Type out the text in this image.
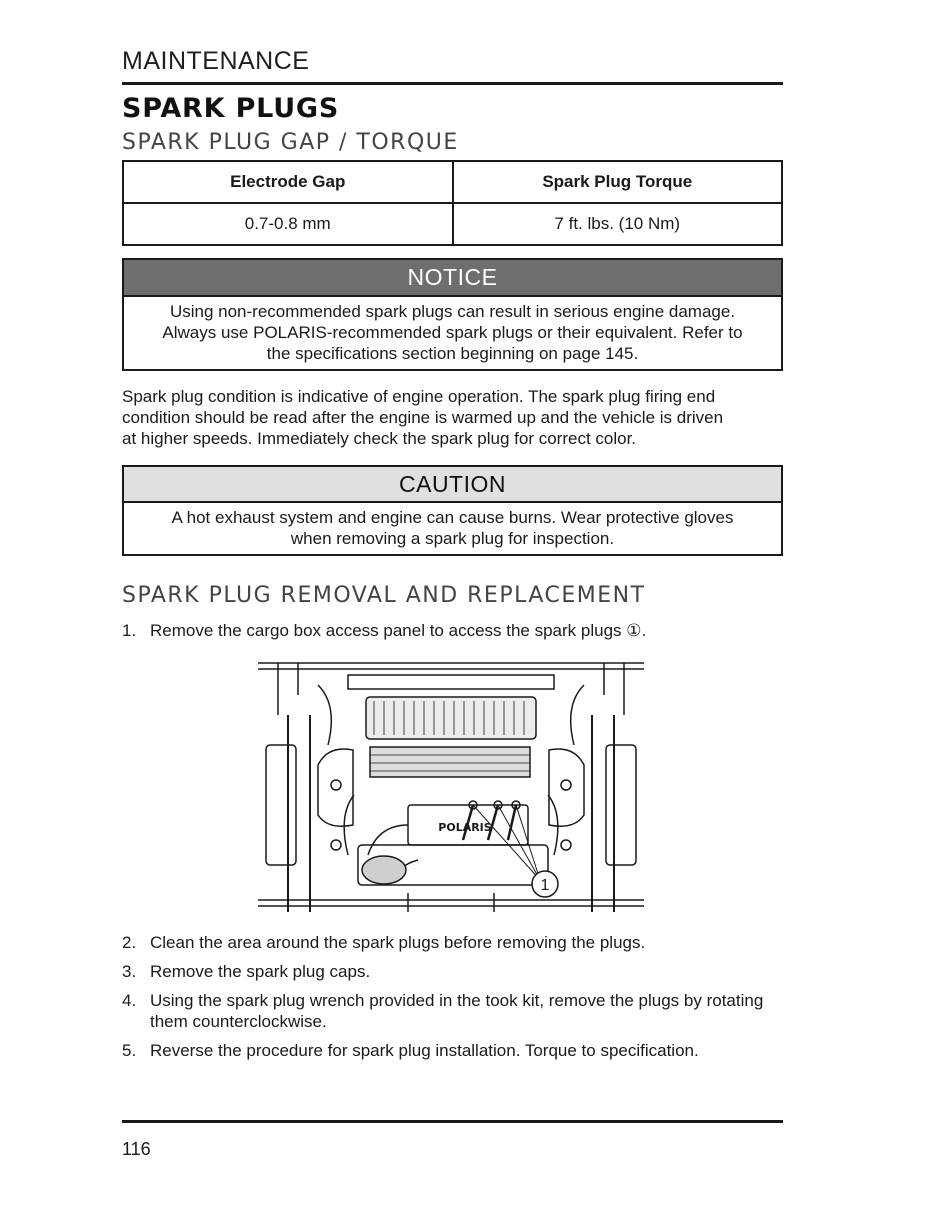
MAINTENANCE
SPARK PLUGS
SPARK PLUG GAP / TORQUE
Electrode Gap	Spark Plug Torque
0.7-0.8 mm	7 ft. lbs. (10 Nm)
NOTICE
Using non-recommended spark plugs can result in serious engine damage.
Always use POLARIS-recommended spark plugs or their equivalent. Refer to
the specifications section beginning on page 145.
Spark plug condition is indicative of engine operation. The spark plug firing end
condition should be read after the engine is warmed up and the vehicle is driven
at higher speeds. Immediately check the spark plug for correct color.
CAUTION
A hot exhaust system and engine can cause burns. Wear protective gloves
when removing a spark plug for inspection.
SPARK PLUG REMOVAL AND REPLACEMENT
1. Remove the cargo box access panel to access the spark plugs ①.
2. Clean the area around the spark plugs before removing the plugs.
3. Remove the spark plug caps.
4. Using the spark plug wrench provided in the took kit, remove the plugs by rotating them counterclockwise.
5. Reverse the procedure for spark plug installation. Torque to specification.
POLARIS
1
116
